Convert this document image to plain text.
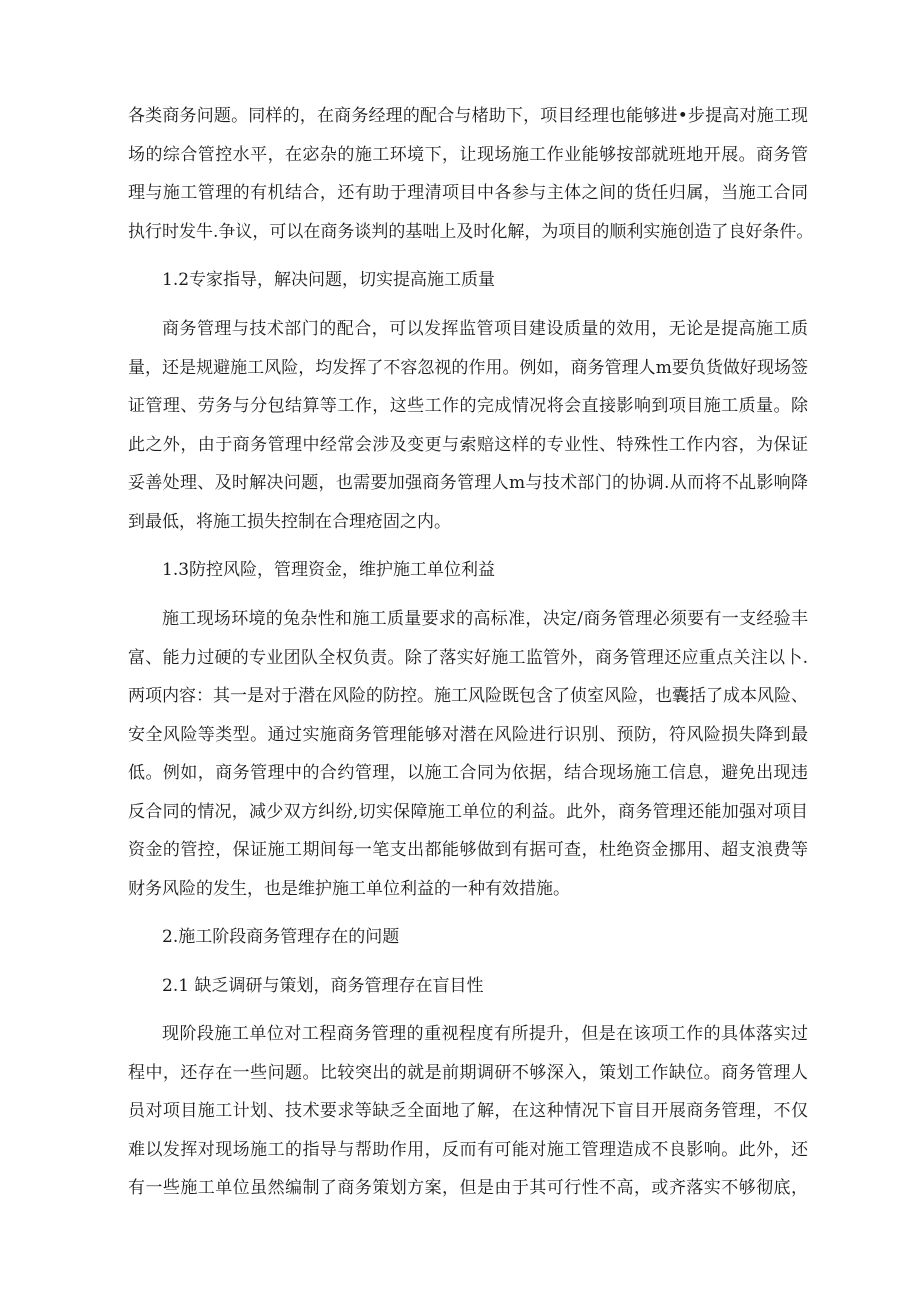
各类商务问题。同样的，在商务经理的配合与楮助下，项目经理也能够进•步提高对施工现
场的综合管控水平，在宓杂的施工环境下，让现场施工作业能够按部就班地开展。商务管
理与施工管理的有机结合，还有助于理清项目中各参与主体之间的货任归属，当施工合同
执行时发牛.争议，可以在商务谈判的基咄上及时化解，为项目的顺利实施创造了良好条件。
1.2专家指导，解决问题，切实提高施工质量
商务管理与技术部门的配合，可以发挥监管项目建设质量的效用，无论是提高施工质
量，还是规避施工风险，均发挥了不容忽视的作用。例如，商务管理人m要负货做好现场签
证管理、劳务与分包结算等工作，这些工作的完成情况将会直接影响到项目施工质量。除
此之外，由于商务管理中经常会涉及变更与索赔这样的专业性、特殊性工作内容，为保证
妥善处理、及时解决问题，也需要加强商务管理人m与技术部门的协调.从而将不乩影响降
到最低，将施工损失控制在合理疮固之内。
1.3防控风险，管理资金，维护施工单位利益
施工现场环境的兔杂性和施工质量要求的高标准，决定/商务管理必须要有一支经验丰
富、能力过硬的专业团队全权负责。除了落实好施工监管外，商务管理还应重点关注以卜.
两项内容：其一是对于潜在风险的防控。施工风险既包含了侦室风险，也囊括了成本风险、
安全风险等类型。通过实施商务管理能够对潜在风险进行识別、预防，符风险损失降到最
低。例如，商务管理中的合约管理，以施工合同为依据，结合现场施工信息，避免出现违
反合同的情况，减少双方纠纷,切实保障施工单位的利益。此外，商务管理还能加强对项目
资金的管控，保证施工期间每一笔支出都能够做到有据可查，杜绝资金挪用、超支浪费等
财务风险的发生，也是维护施工单位利益的一种有效措施。
2.施工阶段商务管理存在的问题
2.1 缺乏调研与策划，商务管理存在盲目性
现阶段施工单位对工程商务管理的重视程度有所提升，但是在该项工作的具体落实过
程中，还存在一些问题。比较突出的就是前期调研不够深入，策划工作缺位。商务管理人
员对项目施工计划、技术要求等缺乏全面地了解，在这种情况下盲目开展商务管理，不仅
难以发挥对现场施工的指导与帮助作用，反而有可能对施工管理造成不良影响。此外，还
有一些施工单位虽然编制了商务策划方案，但是由于其可行性不高，或齐落实不够彻底，
